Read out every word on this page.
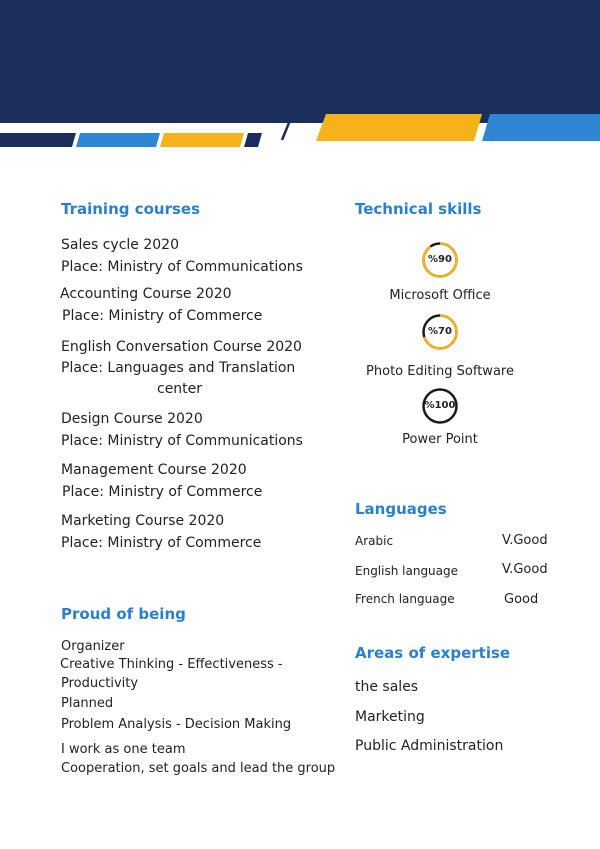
Training courses
Sales cycle 2020
Place: Ministry of Communications
Accounting Course 2020
Place: Ministry of Commerce
English Conversation Course 2020
Place: Languages and Translation
center
Design Course 2020
Place: Ministry of Communications
Management Course 2020
Place: Ministry of Commerce
Marketing Course 2020
Place: Ministry of Commerce
Proud of being
Organizer
Creative Thinking - Effectiveness -
Productivity
Planned
Problem Analysis - Decision Making
I work as one team
Cooperation, set goals and lead the group
Technical skills
%90
Microsoft Office
%70
Photo Editing Software
%100
Power Point
Languages
Arabic	V.Good
English language	V.Good
French language	Good
Areas of expertise
the sales
Marketing
Public Administration
